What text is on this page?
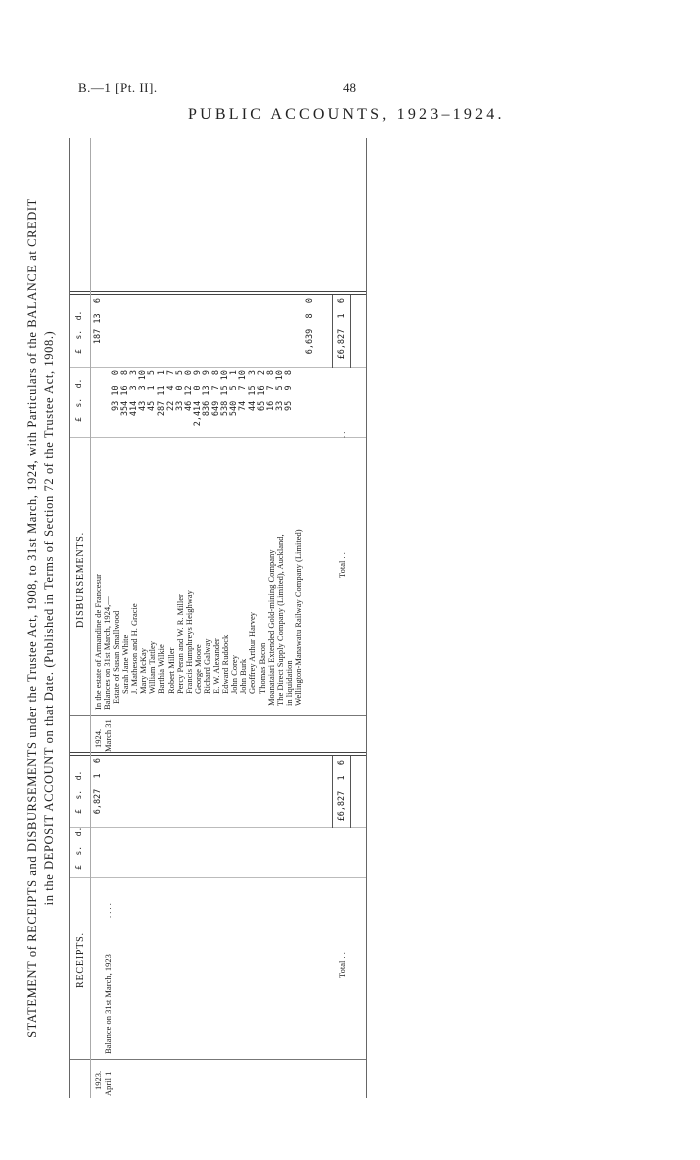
B.—1 [Pt. II].	48
PUBLIC ACCOUNTS, 1923–1924.
STATEMENT of RECEIPTS and DISBURSEMENTS under the Trustee Act, 1908, to 31st March, 1924, with Particulars of the BALANCE at CREDIT in the DEPOSIT ACCOUNT on that Date. (Published in Terms of Section 72 of the Trustee Act, 1908.)
RECEIPTS.
£  s.  d.
£  s.  d.
1923. April 1
Balance on 31st March, 1923
. . . .
6,827  1  6
Total . .
£6,827  1  6
1924. March 31
DISBURSEMENTS.
£  s.  d.
£  s.  d.
In the estate of Armandine de Francesur
187 13  6
Balances on 31st March, 1924,— Estate of Susan Smallwood Sarah Jane White J. Matheson and H. Gracie Mary McKay William Tattley Barthia Wilkie Robert Miller Percy Peran and W. R. Miller Francis Humphreys Heighway George Moore Richard Galway E. W. Alexander Edward Ruddock John Corey John Burk Geoffrey Arthur Harvey Thomas Bacon Moanataiari Extended Gold-mining Company The Direct Supply Company (Limited), Auckland, in liquidation Wellington-Manawatu Railway Company (Limited)
93 10  0 354 16  8 414  3  3 43  3 10 45  1  5 287 11  1 22  4  7 33  0  5 46 12  0 2,414  0  9 836 13  9 649  7  8 538 15 10 540  5  1 74  7 10 44 15  3 65 16  2 16  7  8 33  5 10 95  9  8
6,639  8  0
Total . .
. .
£6,827  1  6
